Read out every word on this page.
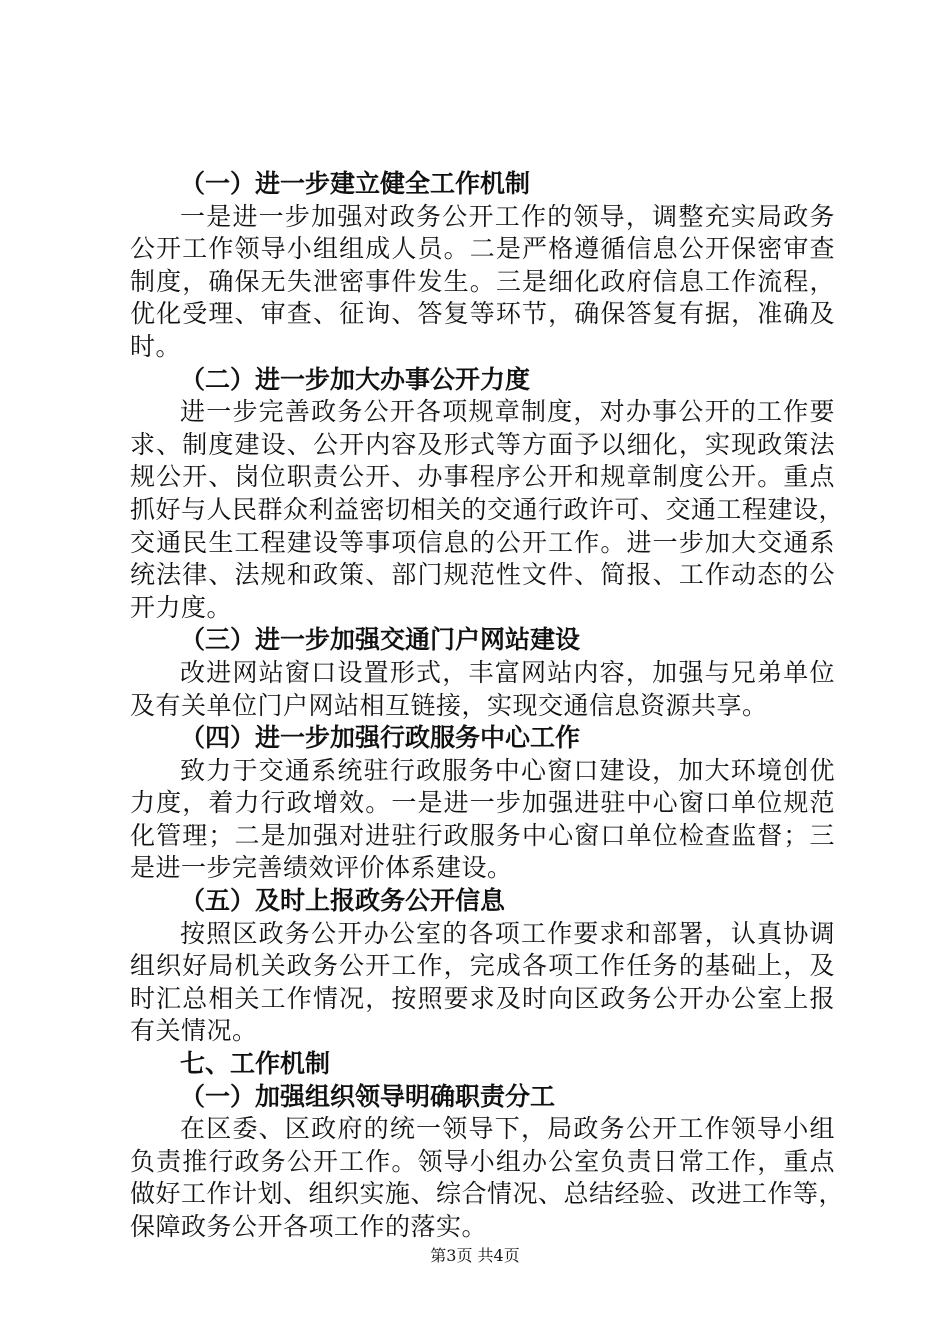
（一）进一步建立健全工作机制
一是进一步加强对政务公开工作的领导，调整充实局政务
公开工作领导小组组成人员。二是严格遵循信息公开保密审查
制度，确保无失泄密事件发生。三是细化政府信息工作流程，
优化受理、审查、征询、答复等环节，确保答复有据，准确及
时。
（二）进一步加大办事公开力度
进一步完善政务公开各项规章制度，对办事公开的工作要
求、制度建设、公开内容及形式等方面予以细化，实现政策法
规公开、岗位职责公开、办事程序公开和规章制度公开。重点
抓好与人民群众利益密切相关的交通行政许可、交通工程建设，
交通民生工程建设等事项信息的公开工作。进一步加大交通系
统法律、法规和政策、部门规范性文件、简报、工作动态的公
开力度。
（三）进一步加强交通门户网站建设
改进网站窗口设置形式，丰富网站内容，加强与兄弟单位
及有关单位门户网站相互链接，实现交通信息资源共享。
（四）进一步加强行政服务中心工作
致力于交通系统驻行政服务中心窗口建设，加大环境创优
力度，着力行政增效。一是进一步加强进驻中心窗口单位规范
化管理；二是加强对进驻行政服务中心窗口单位检查监督；三
是进一步完善绩效评价体系建设。
（五）及时上报政务公开信息
按照区政务公开办公室的各项工作要求和部署，认真协调
组织好局机关政务公开工作，完成各项工作任务的基础上，及
时汇总相关工作情况，按照要求及时向区政务公开办公室上报
有关情况。
七、工作机制
（一）加强组织领导明确职责分工
在区委、区政府的统一领导下，局政务公开工作领导小组
负责推行政务公开工作。领导小组办公室负责日常工作，重点
做好工作计划、组织实施、综合情况、总结经验、改进工作等，
保障政务公开各项工作的落实。
第3页 共4页
